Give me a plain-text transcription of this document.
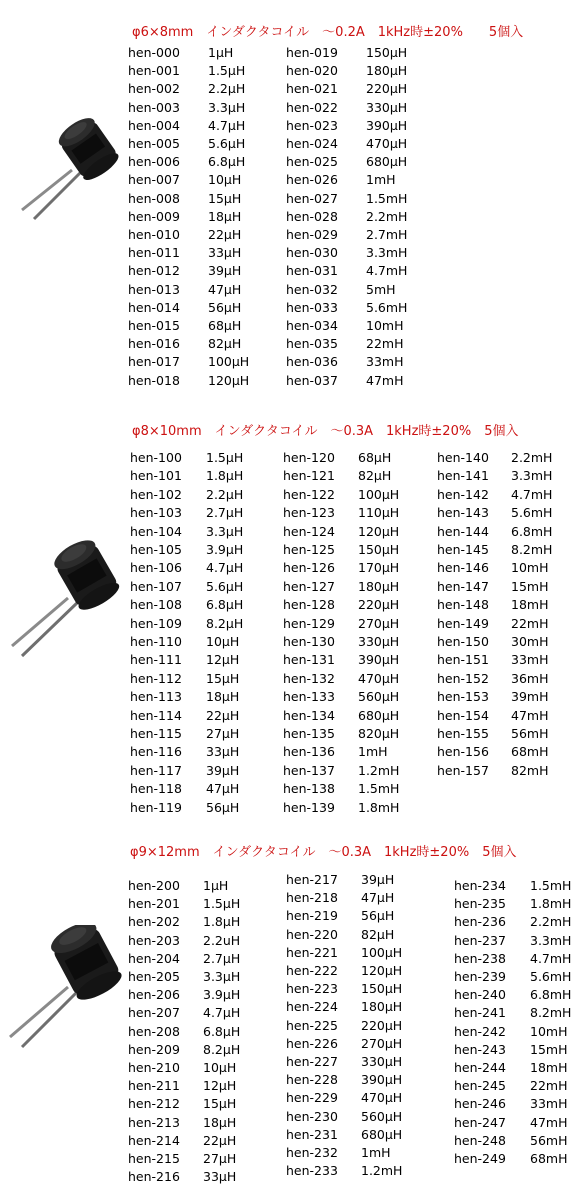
φ6×8mm　インダクタコイル　～0.2A　1kHz時±20%　　5個入
hen-000 1μH
hen-001 1.5μH
hen-002 2.2μH
hen-003 3.3μH
hen-004 4.7μH
hen-005 5.6μH
hen-006 6.8μH
hen-007 10μH
hen-008 15μH
hen-009 18μH
hen-010 22μH
hen-011 33μH
hen-012 39μH
hen-013 47μH
hen-014 56μH
hen-015 68μH
hen-016 82μH
hen-017 100μH
hen-018 120μH
hen-019 150μH
hen-020 180μH
hen-021 220μH
hen-022 330μH
hen-023 390μH
hen-024 470μH
hen-025 680μH
hen-026 1mH
hen-027 1.5mH
hen-028 2.2mH
hen-029 2.7mH
hen-030 3.3mH
hen-031 4.7mH
hen-032 5mH
hen-033 5.6mH
hen-034 10mH
hen-035 22mH
hen-036 33mH
hen-037 47mH
φ8×10mm　インダクタコイル　～0.3A　1kHz時±20%　5個入
hen-100 1.5μH
hen-101 1.8μH
hen-102 2.2μH
hen-103 2.7μH
hen-104 3.3μH
hen-105 3.9μH
hen-106 4.7μH
hen-107 5.6μH
hen-108 6.8μH
hen-109 8.2μH
hen-110 10μH
hen-111 12μH
hen-112 15μH
hen-113 18μH
hen-114 22μH
hen-115 27μH
hen-116 33μH
hen-117 39μH
hen-118 47μH
hen-119 56μH
hen-120 68μH
hen-121 82μH
hen-122 100μH
hen-123 110μH
hen-124 120μH
hen-125 150μH
hen-126 170μH
hen-127 180μH
hen-128 220μH
hen-129 270μH
hen-130 330μH
hen-131 390μH
hen-132 470μH
hen-133 560μH
hen-134 680μH
hen-135 820μH
hen-136 1mH
hen-137 1.2mH
hen-138 1.5mH
hen-139 1.8mH
hen-140 2.2mH
hen-141 3.3mH
hen-142 4.7mH
hen-143 5.6mH
hen-144 6.8mH
hen-145 8.2mH
hen-146 10mH
hen-147 15mH
hen-148 18mH
hen-149 22mH
hen-150 30mH
hen-151 33mH
hen-152 36mH
hen-153 39mH
hen-154 47mH
hen-155 56mH
hen-156 68mH
hen-157 82mH
φ9×12mm　インダクタコイル　～0.3A　1kHz時±20%　5個入
hen-200 1μH
hen-201 1.5μH
hen-202 1.8μH
hen-203 2.2uH
hen-204 2.7μH
hen-205 3.3μH
hen-206 3.9μH
hen-207 4.7μH
hen-208 6.8μH
hen-209 8.2μH
hen-210 10μH
hen-211 12μH
hen-212 15μH
hen-213 18μH
hen-214 22μH
hen-215 27μH
hen-216 33μH
hen-217 39μH
hen-218 47μH
hen-219 56μH
hen-220 82μH
hen-221 100μH
hen-222 120μH
hen-223 150μH
hen-224 180μH
hen-225 220μH
hen-226 270μH
hen-227 330μH
hen-228 390μH
hen-229 470μH
hen-230 560μH
hen-231 680μH
hen-232 1mH
hen-233 1.2mH
hen-234 1.5mH
hen-235 1.8mH
hen-236 2.2mH
hen-237 3.3mH
hen-238 4.7mH
hen-239 5.6mH
hen-240 6.8mH
hen-241 8.2mH
hen-242 10mH
hen-243 15mH
hen-244 18mH
hen-245 22mH
hen-246 33mH
hen-247 47mH
hen-248 56mH
hen-249 68mH
